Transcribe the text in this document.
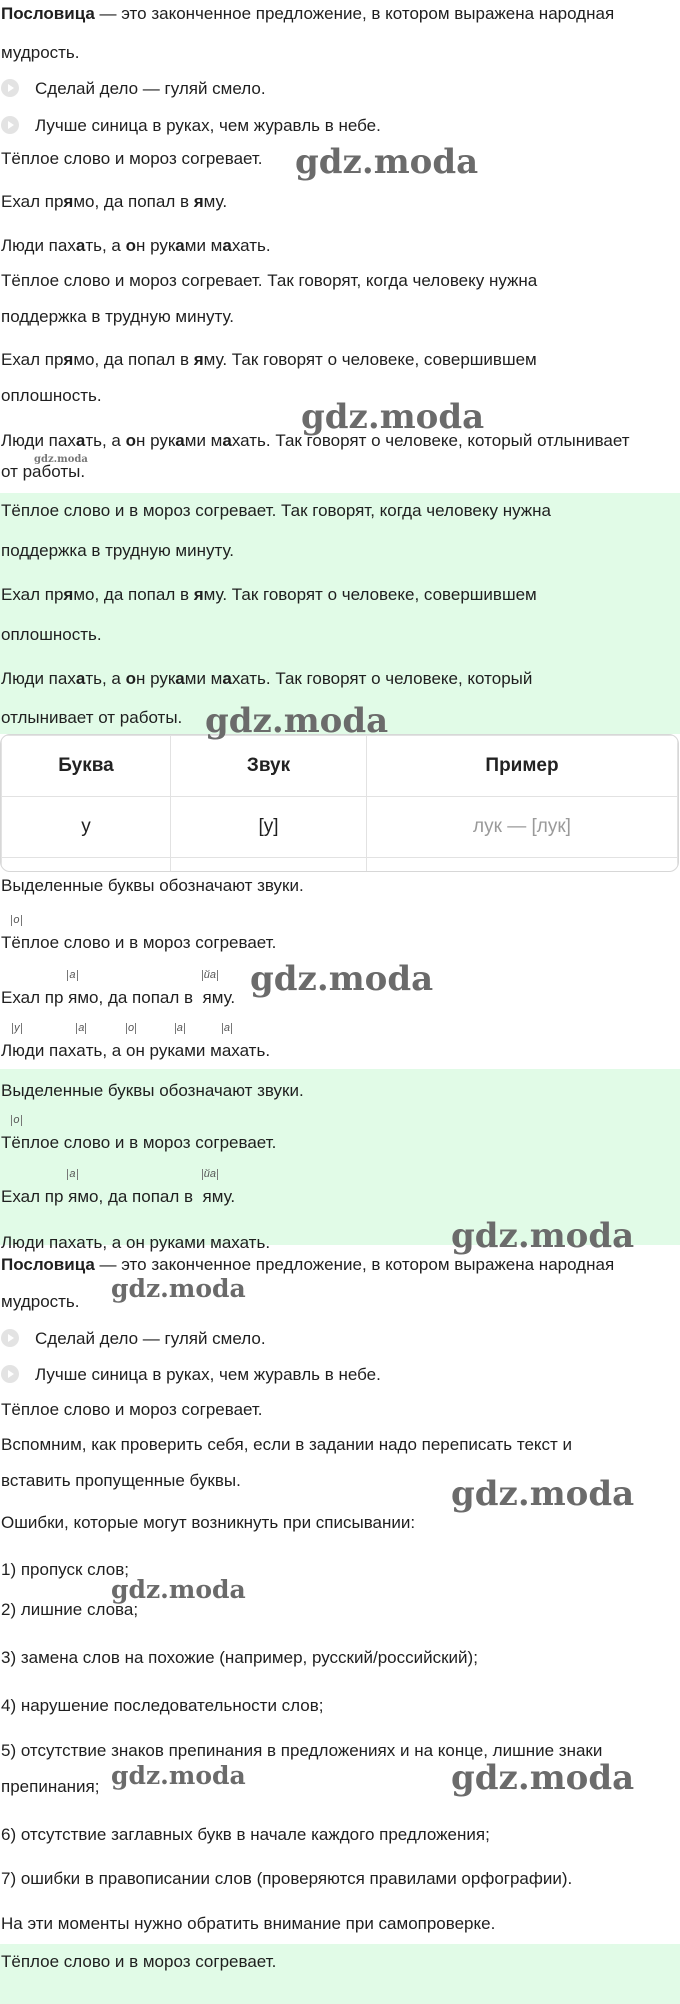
Пословица — это законченное предложение, в котором выражена народная
мудрость.
Сделай дело — гуляй смело.
Лучше синица в руках, чем журавль в небе.
Тёплое слово и мороз согревает.
Ехал прямо, да попал в яму.
Люди пахать, а он руками махать.
Тёплое слово и мороз согревает. Так говорят, когда человеку нужна
поддержка в трудную минуту.
Ехал прямо, да попал в яму. Так говорят о человеке, совершившем
оплошность.
Люди пахать, а он руками махать. Так говорят о человеке, который отлынивает
от работы.
Тёплое слово и в мороз согревает. Так говорят, когда человеку нужна
поддержка в трудную минуту.
Ехал прямо, да попал в яму. Так говорят о человеке, совершившем
оплошность.
Люди пахать, а он руками махать. Так говорят о человеке, который
отлынивает от работы.
Буква	Звук	Пример
у	[у]	лук — [лук]

Выделенные буквы обозначают звуки.
Т
о
ёплое слово и в мороз согревает.
Ехал пр
а
ямо, да попал в
йа
яму.
Л
у
юди пах
а
ать, а
о
он рук
а
ами м
а
ахать.
Выделенные буквы обозначают звуки.
Т
о
ёплое слово и в мороз согревает.
Ехал пр
а
ямо, да попал в
йа
яму.
Люди пахать, а он руками махать.
Пословица — это законченное предложение, в котором выражена народная
мудрость.
Сделай дело — гуляй смело.
Лучше синица в руках, чем журавль в небе.
Тёплое слово и мороз согревает.
Вспомним, как проверить себя, если в задании надо переписать текст и
вставить пропущенные буквы.
Ошибки, которые могут возникнуть при списывании:
1) пропуск слов;
2) лишние слова;
3) замена слов на похожие (например, русский/российский);
4) нарушение последовательности слов;
5) отсутствие знаков препинания в предложениях и на конце, лишние знаки
препинания;
6) отсутствие заглавных букв в начале каждого предложения;
7) ошибки в правописании слов (проверяются правилами орфографии).
На эти моменты нужно обратить внимание при самопроверке.
Тёплое слово и в мороз согревает.
gdz.moda
gdz.moda
gdz.moda
gdz.moda
gdz.moda
gdz.moda
gdz.moda
gdz.moda
gdz.moda
gdz.moda	gdz.moda
